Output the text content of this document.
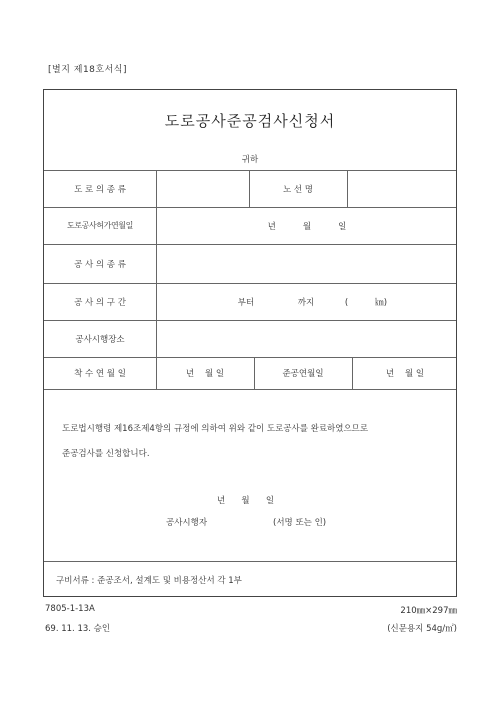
[별지 제18호서식]
도로공사준공검사신청서
귀하
도 로 의 종 류	노 선 명
도로공사허가연월일	년          월          일
공 사 의 종 류
공 사 의 구 간	부터	까지	(          ㎞)
공사시행장소
착 수 연 월 일	년    월 일	준공연월일	년    월 일
도로법시행령 제16조제4항의 규정에 의하여 위와 같이 도로공사를 완료하였으므로
준공검사를 신청합니다.
년      월      일
공사시행자	(서명 또는 인)
구비서류 : 준공조서, 설계도 및 비용정산서 각 1부
7805-1-13A	210㎜×297㎜
69. 11. 13. 승인	(신문용지 54g/㎡)
